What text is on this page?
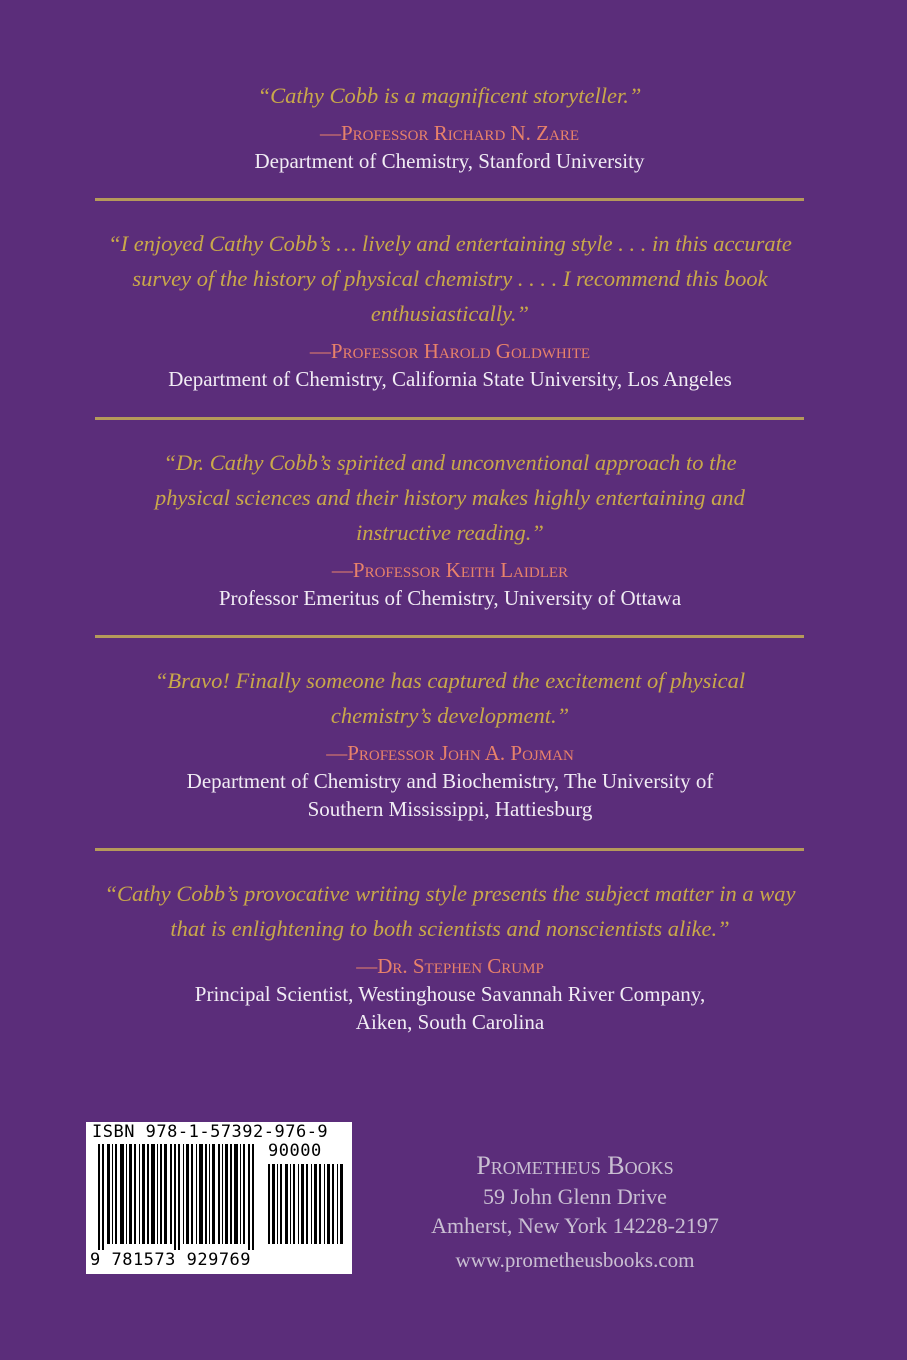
“Cathy Cobb is a magnificent storyteller.”

—Professor Richard N. Zare

Department of Chemistry, Stanford University

“I enjoyed Cathy Cobb’s … lively and entertaining style . . . in this accurate survey of the history of physical chemistry . . . . I recommend this book enthusiastically.”

—Professor Harold Goldwhite

Department of Chemistry, California State University, Los Angeles

“Dr. Cathy Cobb’s spirited and unconventional approach to the physical sciences and their history makes highly entertaining and instructive reading.”

—Professor Keith Laidler

Professor Emeritus of Chemistry, University of Ottawa

“Bravo! Finally someone has captured the excitement of physical chemistry’s development.”

—Professor John A. Pojman

Department of Chemistry and Biochemistry, The University of Southern Mississippi, Hattiesburg

“Cathy Cobb’s provocative writing style presents the subject matter in a way that is enlightening to both scientists and nonscientists alike.”

—Dr. Stephen Crump

Principal Scientist, Westinghouse Savannah River Company, Aiken, South Carolina

ISBN 978-1-57392-976-9
90000
9 781573 929769

Prometheus Books

59 John Glenn Drive

Amherst, New York 14228-2197

www.prometheusbooks.com
